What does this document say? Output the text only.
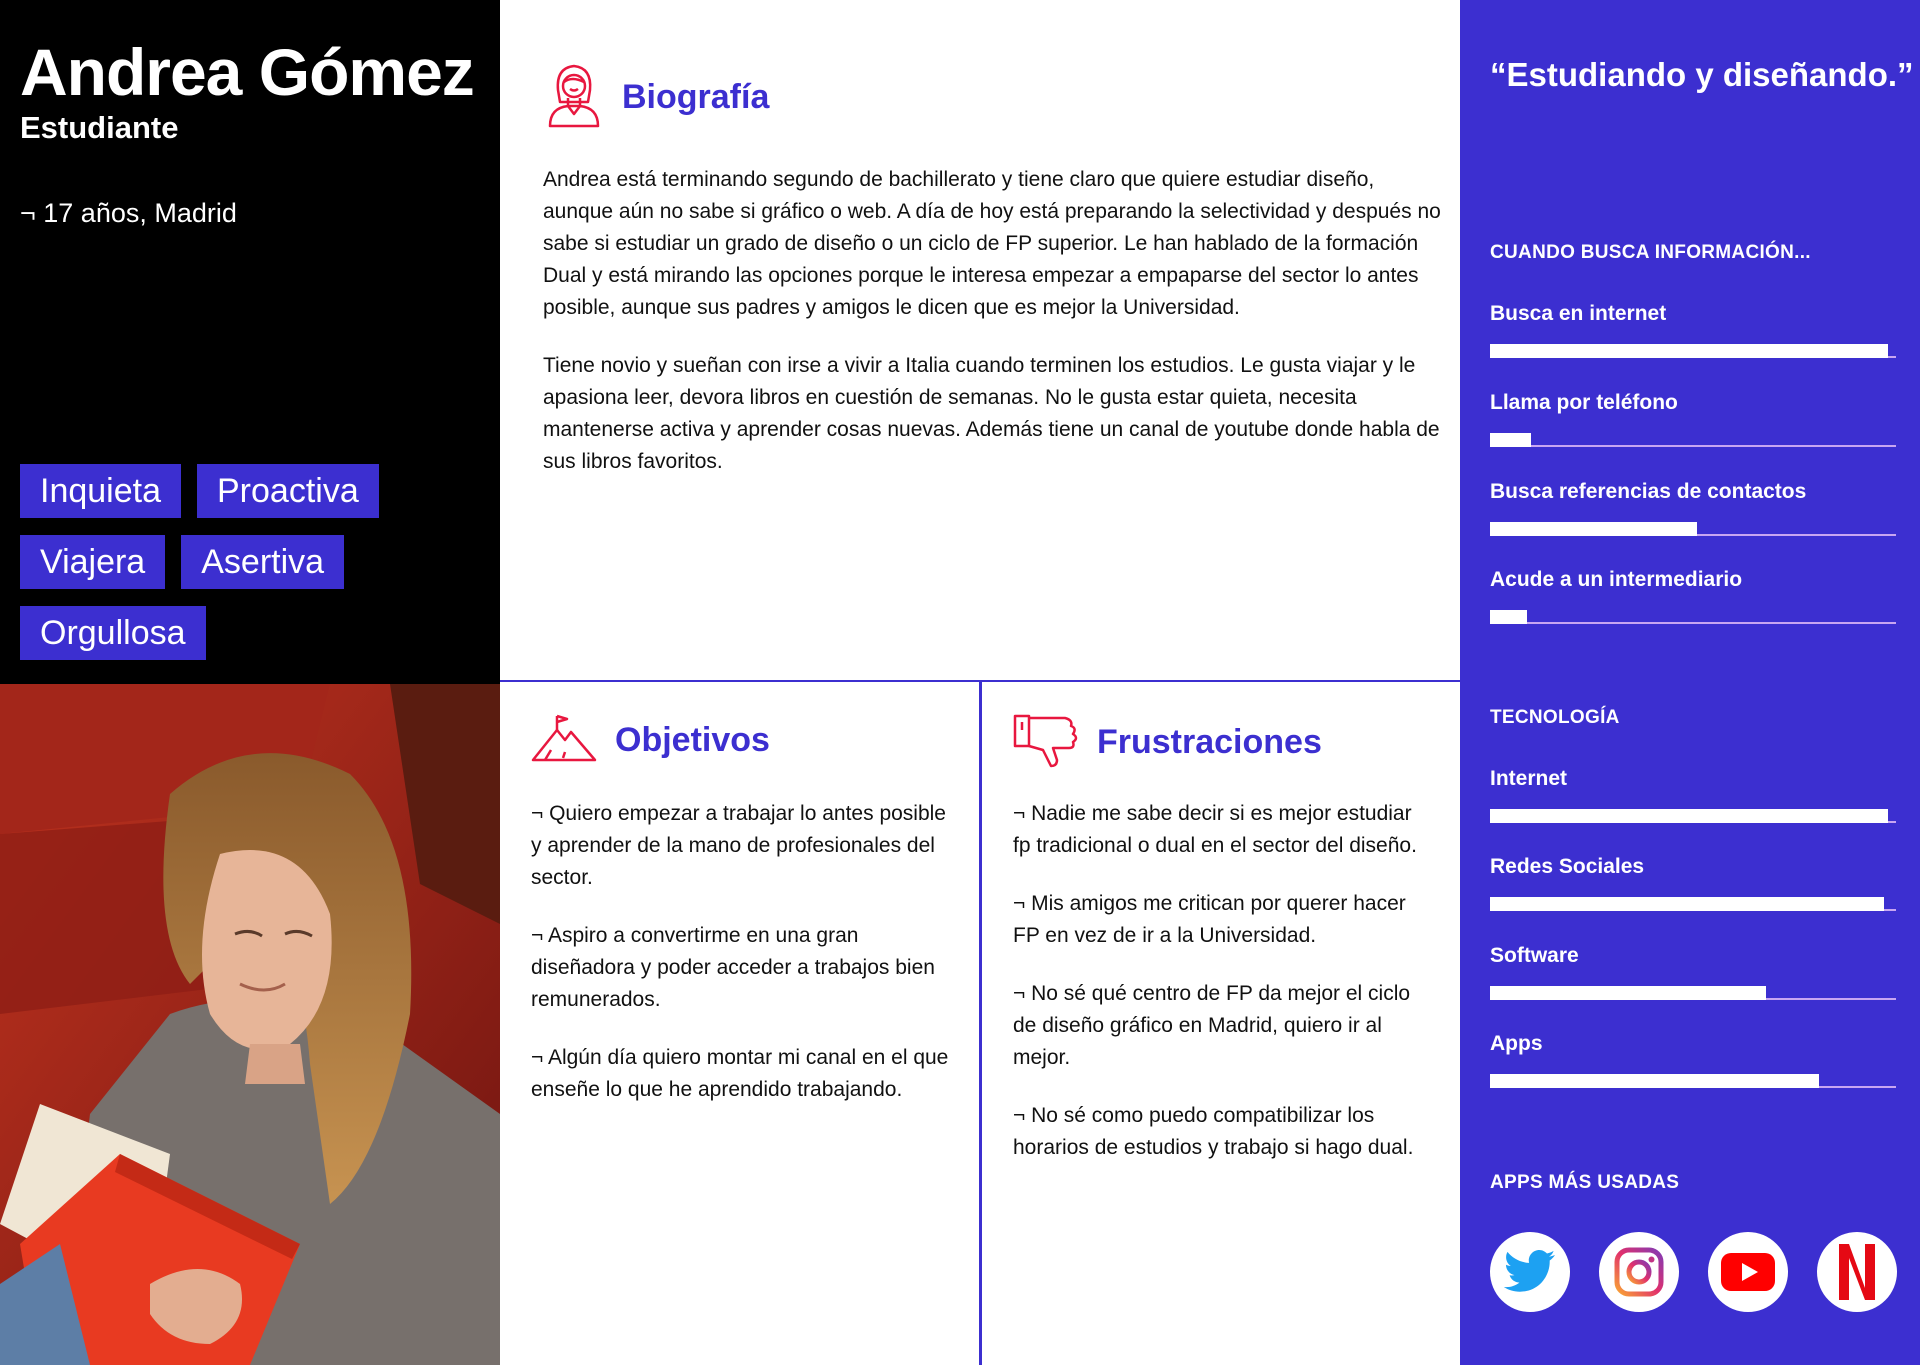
Andrea Gómez
Estudiante
¬ 17 años, Madrid
Inquieta	Proactiva
Viajera	Asertiva
Orgullosa
Biografía

Andrea está terminando segundo de bachillerato y tiene claro que quiere estudiar diseño, aunque aún no sabe si gráfico o web. A día de hoy está preparando la selectividad y después no sabe si estudiar un grado de diseño o un ciclo de FP superior. Le han hablado de la formación Dual y está mirando las opciones porque le interesa empezar a empaparse del sector lo antes posible, aunque sus padres y amigos le dicen que es mejor la Universidad.

Tiene novio y sueñan con irse a vivir a Italia cuando terminen los estudios. Le gusta viajar y le apasiona leer, devora libros en cuestión de semanas. No le gusta estar quieta, necesita mantenerse activa y aprender cosas nuevas. Además tiene un canal de youtube donde habla de sus libros favoritos.

Objetivos

¬ Quiero empezar a trabajar lo antes posible y aprender de la mano de profesionales del sector.

¬ Aspiro a convertirme en una gran diseñadora y poder acceder a trabajos bien remunerados.

¬ Algún día quiero montar mi canal en el que enseñe lo que he aprendido trabajando.

Frustraciones

¬ Nadie me sabe decir si es mejor estudiar fp tradicional o dual en el sector del diseño.

¬ Mis amigos me critican por querer hacer FP en vez de ir a la Universidad.

¬ No sé qué centro de FP da mejor el ciclo de diseño gráfico en Madrid, quiero ir al mejor.

¬ No sé como puedo compatibilizar los horarios de estudios y trabajo si hago dual.

“Estudiando y diseñando.”
CUANDO BUSCA INFORMACIÓN...
Busca en internet
Llama por teléfono
Busca referencias de contactos
Acude a un intermediario
TECNOLOGÍA
Internet
Redes Sociales
Software
Apps
APPS MÁS USADAS
